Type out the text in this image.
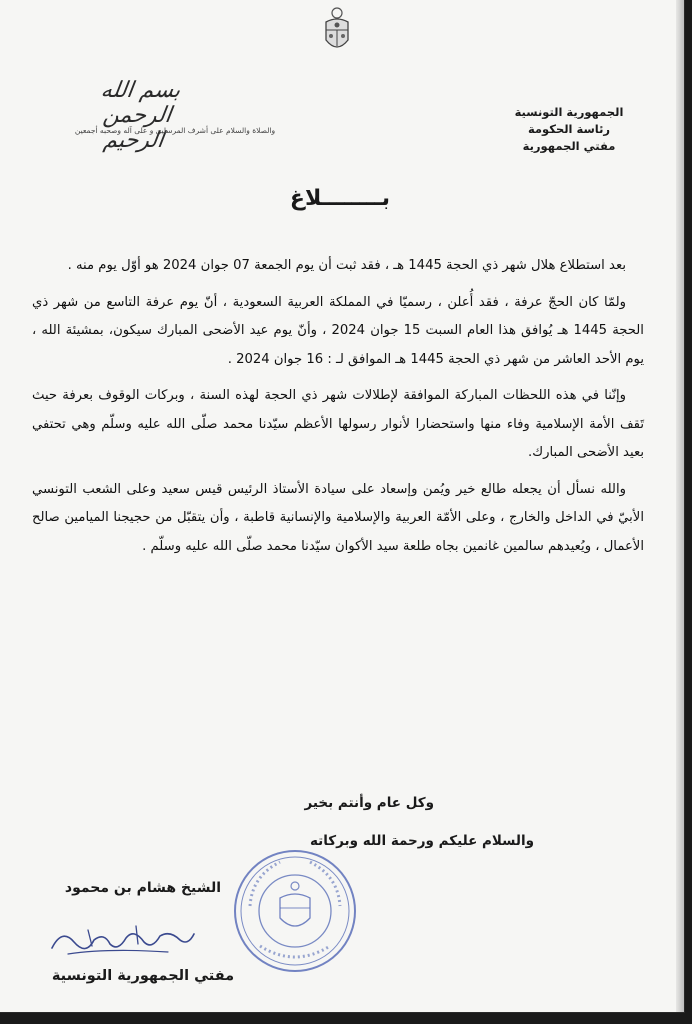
بسم الله الرحمن الرحيم
والصلاة والسلام على أشرف المرسلين و على آله وصحبه أجمعين
الجمهورية التونسية
رئاسة الحكومة
مفتي الجمهورية
بــــــــلاغ

بعد استطلاع هلال شهر ذي الحجة 1445 هـ ، فقد ثبت أن يوم الجمعة 07 جوان 2024 هو أوّل يوم منه .

ولمّا كان الحجّ عرفة ، فقد أُعلن ، رسميّا في المملكة العربية السعودية ، أنّ يوم عرفة التاسع من شهر ذي الحجة 1445 هـ يُوافق هذا العام السبت 15 جوان 2024 ، وأنّ يوم عيد الأضحى المبارك سيكون، بمشيئة الله ، يوم الأحد العاشر من شهر ذي الحجة 1445 هـ الموافق لـ : 16 جوان 2024 .

وإنّنا في هذه اللحظات المباركة الموافقة لإطلالات شهر ذي الحجة لهذه السنة ، وبركات الوقوف بعرفة حيث تَقف الأمة الإسلامية وفاء منها واستحضارا لأنوار رسولها الأعظم سيّدنا محمد صلّى الله عليه وسلّم وهي تحتفي بعيد الأضحى المبارك.

والله نسأل أن يجعله طالع خير ويُمن وإسعاد على سيادة الأستاذ الرئيس قيس سعيد وعلى الشعب التونسي الأبيّ في الداخل والخارج ، وعلى الأمّة العربية والإسلامية والإنسانية قاطبة ، وأن يتقبّل من حجيجنا الميامين صالح الأعمال ، ويُعيدهم سالمين غانمين بجاه طلعة سيد الأكوان سيّدنا محمد صلّى الله عليه وسلّم .

وكل عام وأنتم بخير
والسلام عليكم ورحمة الله وبركاته
الشيخ هشام بن محمود
مفتي الجمهورية التونسية
